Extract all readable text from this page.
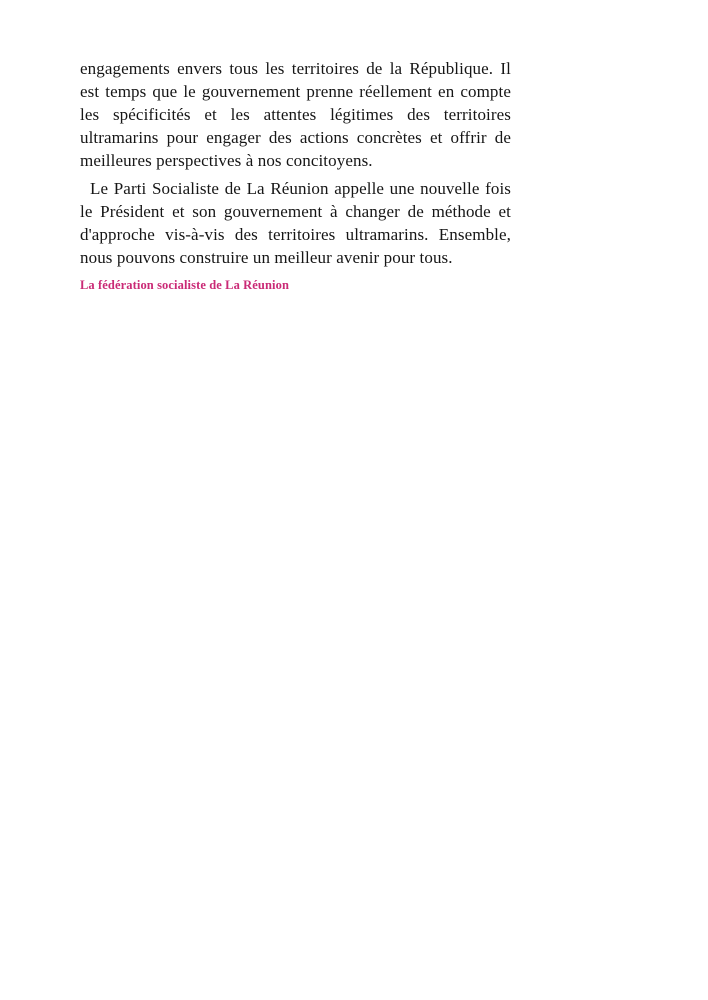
engagements envers tous les territoires de la République. Il est temps que le gouvernement prenne réellement en compte les spécificités et les attentes légitimes des territoires ultramarins pour engager des actions concrètes et offrir de meilleures perspectives à nos concitoyens.

Le Parti Socialiste de La Réunion appelle une nouvelle fois le Président et son gouvernement à changer de méthode et d'approche vis-à-vis des territoires ultramarins. Ensemble, nous pouvons construire un meilleur avenir pour tous.

La fédération socialiste de La Réunion
